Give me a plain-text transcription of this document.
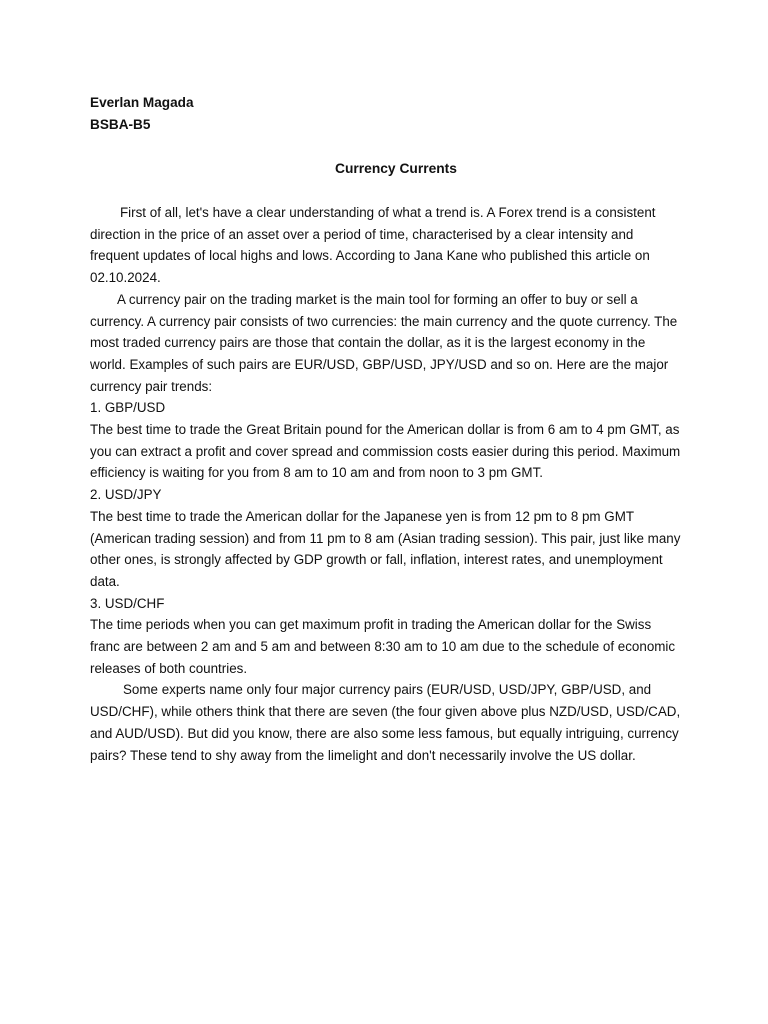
Everlan Magada
BSBA-B5
Currency Currents

First of all, let's have a clear understanding of what a trend is. A Forex trend is a consistent direction in the price of an asset over a period of time, characterised by a clear intensity and frequent updates of local highs and lows. According to Jana Kane who published this article on 02.10.2024.

A currency pair on the trading market is the main tool for forming an offer to buy or sell a currency. A currency pair consists of two currencies: the main currency and the quote currency. The most traded currency pairs are those that contain the dollar, as it is the largest economy in the world. Examples of such pairs are EUR/USD, GBP/USD, JPY/USD and so on. Here are the major currency pair trends:

1. GBP/USD

The best time to trade the Great Britain pound for the American dollar is from 6 am to 4 pm GMT, as you can extract a profit and cover spread and commission costs easier during this period. Maximum efficiency is waiting for you from 8 am to 10 am and from noon to 3 pm GMT.

2. USD/JPY

The best time to trade the American dollar for the Japanese yen is from 12 pm to 8 pm GMT (American trading session) and from 11 pm to 8 am (Asian trading session). This pair, just like many other ones, is strongly affected by GDP growth or fall, inflation, interest rates, and unemployment data.

3. USD/CHF

The time periods when you can get maximum profit in trading the American dollar for the Swiss franc are between 2 am and 5 am and between 8:30 am to 10 am due to the schedule of economic releases of both countries.

Some experts name only four major currency pairs (EUR/USD, USD/JPY, GBP/USD, and USD/CHF), while others think that there are seven (the four given above plus NZD/USD, USD/CAD, and AUD/USD). But did you know, there are also some less famous, but equally intriguing, currency pairs? These tend to shy away from the limelight and don't necessarily involve the US dollar.
